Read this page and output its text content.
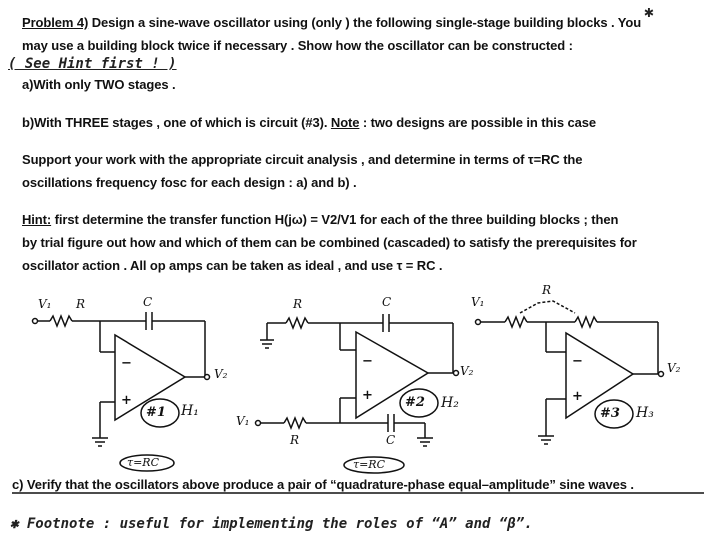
Problem 4) Design a sine-wave oscillator using (only ) the following single-stage building blocks . You
✱
may use a building block twice if necessary . Show how the oscillator can be constructed :
( See Hint first ! )
a)With only TWO stages .
b)With THREE stages , one of which is circuit (#3). Note : two designs are possible in this case
Support your work with the appropriate circuit analysis , and determine in terms of τ=RC the
oscillations frequency fosc for each design : a) and b) .
Hint: first determine the transfer function H(jω) = V2/V1 for each of the three building blocks ; then
by trial figure out how and which of them can be combined (cascaded) to satisfy the prerequisites for
oscillator action . All op amps can be taken as ideal , and use τ = RC .
V₁ R	C
V₂
−
+
#1 H₁
τ=RC
R	C
V₂
V₁
R	C
−
+ #2 H₂
τ=RC
V₁
R
V₂
−
+
#3 H₃
c) Verify that the oscillators above produce a pair of “quadrature-phase equal–amplitude” sine waves .
✱ Footnote : useful for implementing the roles of “A” and “β”.
